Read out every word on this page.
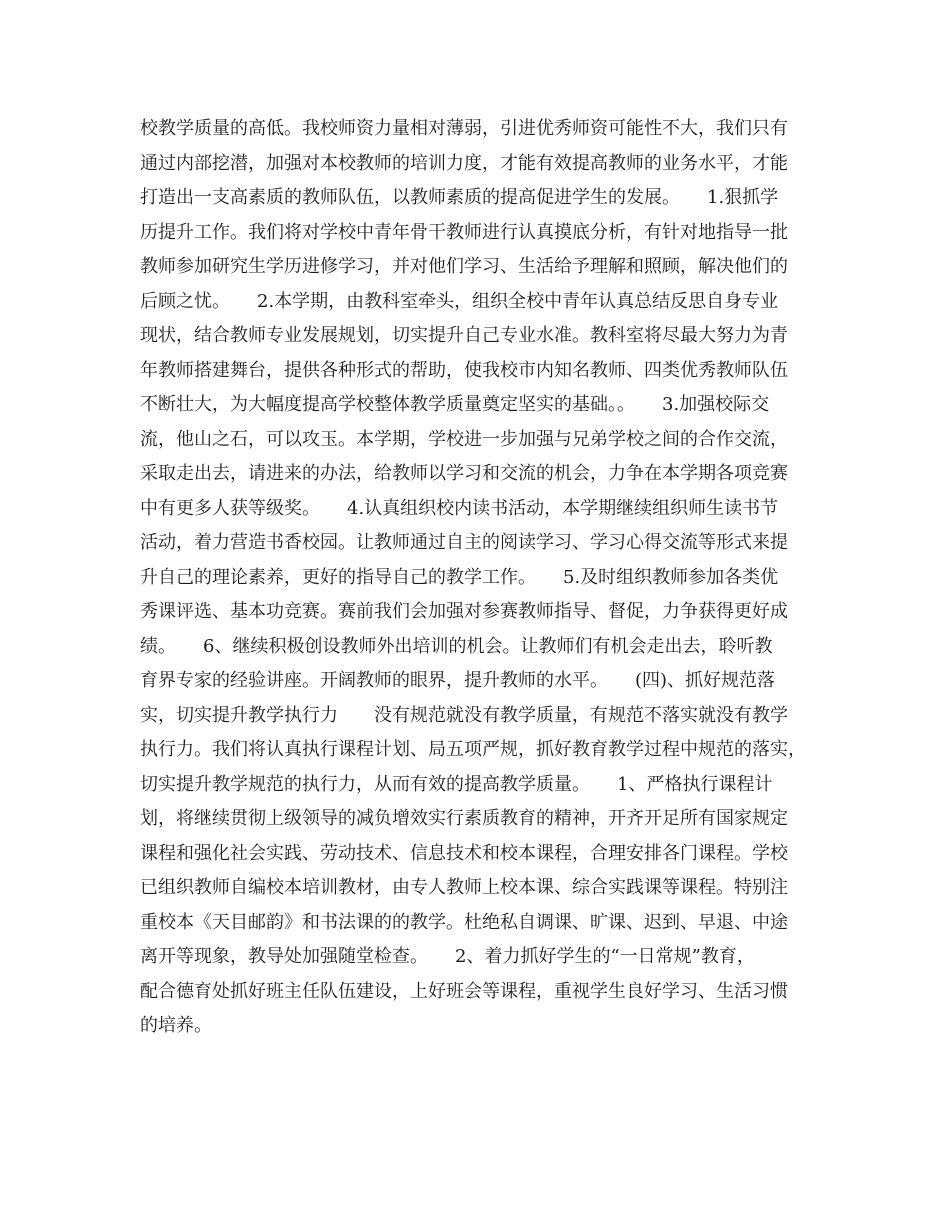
校教学质量的高低。我校师资力量相对薄弱，引进优秀师资可能性不大，我们只有
通过内部挖潜，加强对本校教师的培训力度，才能有效提高教师的业务水平，才能
打造出一支高素质的教师队伍，以教师素质的提高促进学生的发展。　　1.狠抓学
历提升工作。我们将对学校中青年骨干教师进行认真摸底分析，有针对地指导一批
教师参加研究生学历进修学习，并对他们学习、生活给予理解和照顾，解决他们的
后顾之忧。　　2.本学期，由教科室牵头，组织全校中青年认真总结反思自身专业
现状，结合教师专业发展规划，切实提升自己专业水准。教科室将尽最大努力为青
年教师搭建舞台，提供各种形式的帮助，使我校市内知名教师、四类优秀教师队伍
不断壮大，为大幅度提高学校整体教学质量奠定坚实的基础。。　　3.加强校际交
流，他山之石，可以攻玉。本学期，学校进一步加强与兄弟学校之间的合作交流，
采取走出去，请进来的办法，给教师以学习和交流的机会，力争在本学期各项竞赛
中有更多人获等级奖。　　4.认真组织校内读书活动，本学期继续组织师生读书节
活动，着力营造书香校园。让教师通过自主的阅读学习、学习心得交流等形式来提
升自己的理论素养，更好的指导自己的教学工作。　　5.及时组织教师参加各类优
秀课评选、基本功竞赛。赛前我们会加强对参赛教师指导、督促，力争获得更好成
绩。　　6、继续积极创设教师外出培训的机会。让教师们有机会走出去，聆听教
育界专家的经验讲座。开阔教师的眼界，提升教师的水平。　　(四)、抓好规范落
实，切实提升教学执行力　　没有规范就没有教学质量，有规范不落实就没有教学
执行力。我们将认真执行课程计划、局五项严规，抓好教育教学过程中规范的落实，
切实提升教学规范的执行力，从而有效的提高教学质量。　　1、严格执行课程计
划，将继续贯彻上级领导的减负增效实行素质教育的精神，开齐开足所有国家规定
课程和强化社会实践、劳动技术、信息技术和校本课程，合理安排各门课程。学校
已组织教师自编校本培训教材，由专人教师上校本课、综合实践课等课程。特别注
重校本《天目邮韵》和书法课的的教学。杜绝私自调课、旷课、迟到、早退、中途
离开等现象，教导处加强随堂检查。　　2、着力抓好学生的“一日常规”教育，
配合德育处抓好班主任队伍建设，上好班会等课程，重视学生良好学习、生活习惯
的培养。
